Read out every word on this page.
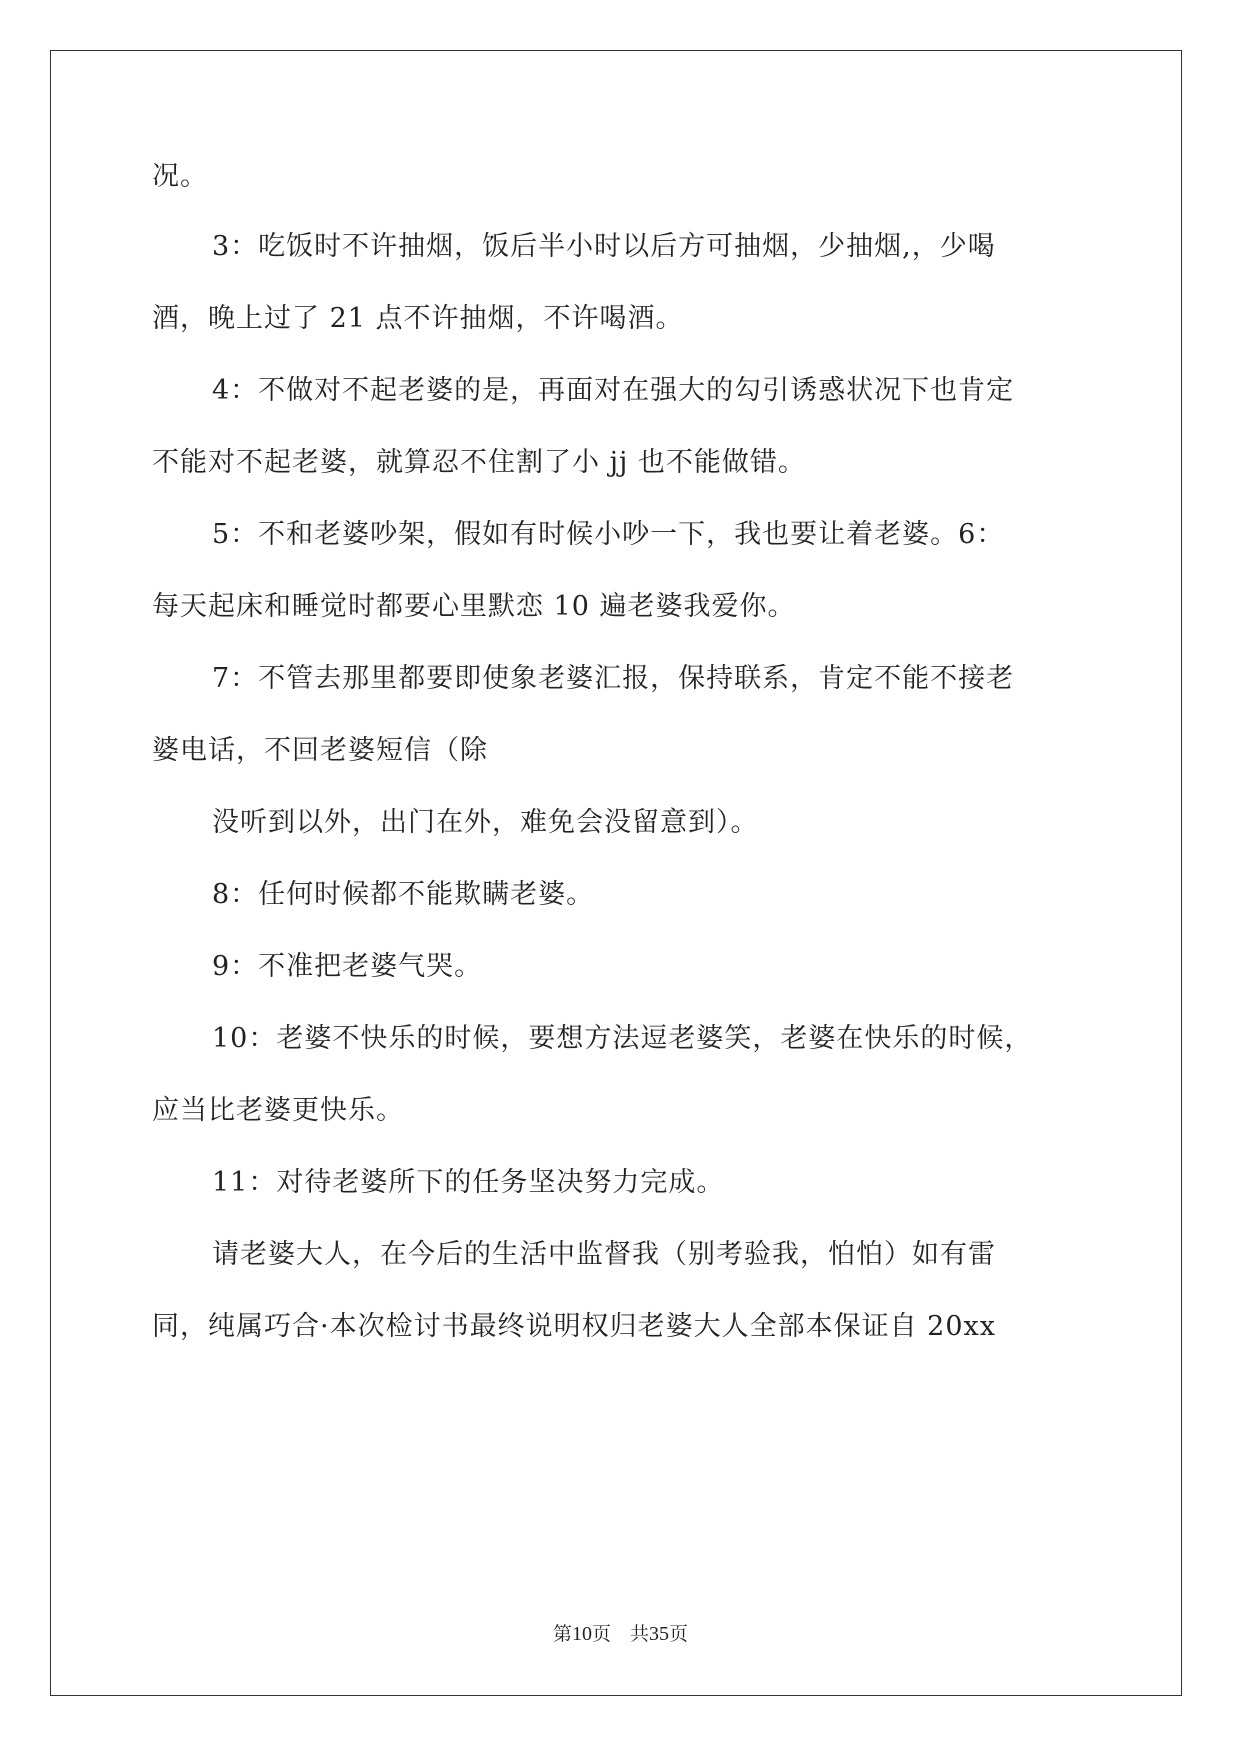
况。
3：吃饭时不许抽烟，饭后半小时以后方可抽烟，少抽烟,，少喝
酒，晚上过了 21 点不许抽烟，不许喝酒。
4：不做对不起老婆的是，再面对在强大的勾引诱惑状况下也肯定
不能对不起老婆，就算忍不住割了小 jj 也不能做错。
5：不和老婆吵架，假如有时候小吵一下，我也要让着老婆。6：
每天起床和睡觉时都要心里默恋 10 遍老婆我爱你。
7：不管去那里都要即使象老婆汇报，保持联系，肯定不能不接老
婆电话，不回老婆短信（除
没听到以外，出门在外，难免会没留意到）。
8：任何时候都不能欺瞒老婆。
9：不准把老婆气哭。
10：老婆不快乐的时候，要想方法逗老婆笑，老婆在快乐的时候，
应当比老婆更快乐。
11：对待老婆所下的任务坚决努力完成。
请老婆大人，在今后的生活中监督我（别考验我，怕怕）如有雷
同，纯属巧合·本次检讨书最终说明权归老婆大人全部本保证自 20xx
第10页　共35页
